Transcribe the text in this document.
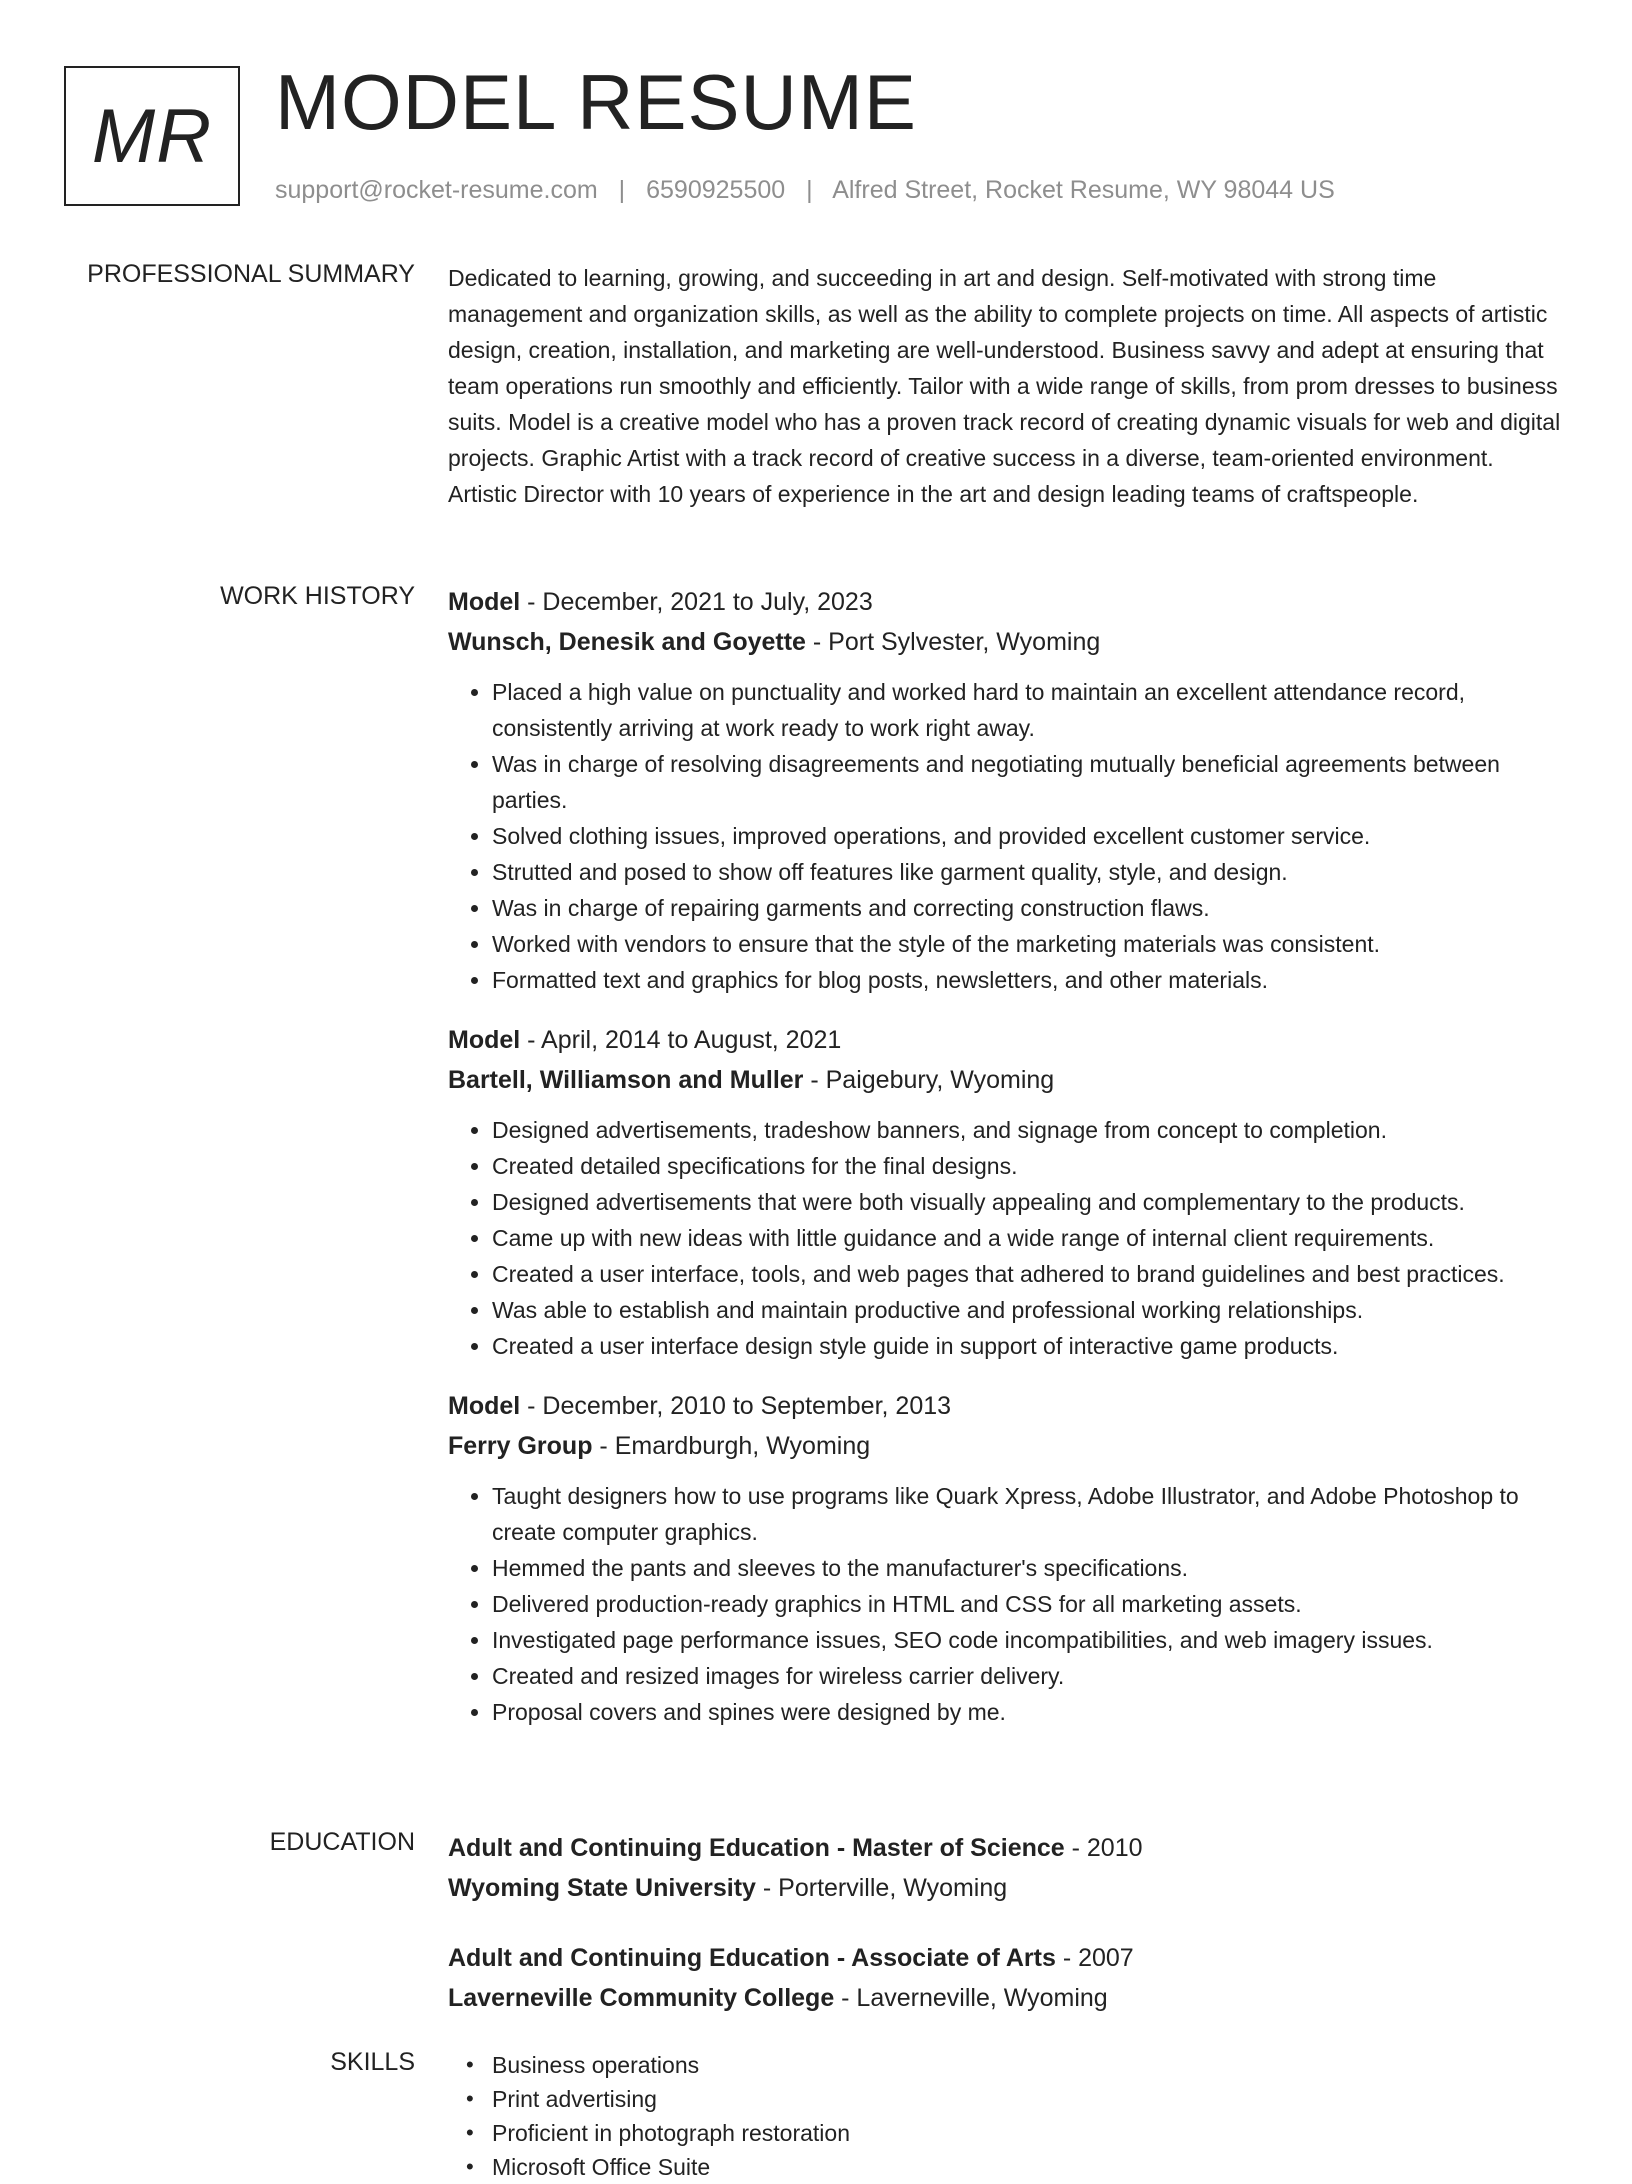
MR MODEL RESUME
support@rocket-resume.com | 6590925500 | Alfred Street, Rocket Resume, WY 98044 US
PROFESSIONAL SUMMARY Dedicated to learning, growing, and succeeding in art and design. Self-motivated with strong time management and organization skills, as well as the ability to complete projects on time. All aspects of artistic design, creation, installation, and marketing are well-understood. Business savvy and adept at ensuring that team operations run smoothly and efficiently. Tailor with a wide range of skills, from prom dresses to business suits. Model is a creative model who has a proven track record of creating dynamic visuals for web and digital projects. Graphic Artist with a track record of creative success in a diverse, team-oriented environment. Artistic Director with 10 years of experience in the art and design leading teams of craftspeople.

WORK HISTORY Model - December, 2021 to July, 2023

Wunsch, Denesik and Goyette - Port Sylvester, Wyoming

• Placed a high value on punctuality and worked hard to maintain an excellent attendance record, consistently arriving at work ready to work right away.
• Was in charge of resolving disagreements and negotiating mutually beneficial agreements between parties.
• Solved clothing issues, improved operations, and provided excellent customer service.
• Strutted and posed to show off features like garment quality, style, and design.
• Was in charge of repairing garments and correcting construction flaws.
• Worked with vendors to ensure that the style of the marketing materials was consistent.
• Formatted text and graphics for blog posts, newsletters, and other materials.

Model - April, 2014 to August, 2021

Bartell, Williamson and Muller - Paigebury, Wyoming

• Designed advertisements, tradeshow banners, and signage from concept to completion.
• Created detailed specifications for the final designs.
• Designed advertisements that were both visually appealing and complementary to the products.
• Came up with new ideas with little guidance and a wide range of internal client requirements.
• Created a user interface, tools, and web pages that adhered to brand guidelines and best practices.
• Was able to establish and maintain productive and professional working relationships.
• Created a user interface design style guide in support of interactive game products.

Model - December, 2010 to September, 2013

Ferry Group - Emardburgh, Wyoming

• Taught designers how to use programs like Quark Xpress, Adobe Illustrator, and Adobe Photoshop to create computer graphics.
• Hemmed the pants and sleeves to the manufacturer's specifications.
• Delivered production-ready graphics in HTML and CSS for all marketing assets.
• Investigated page performance issues, SEO code incompatibilities, and web imagery issues.
• Created and resized images for wireless carrier delivery.
• Proposal covers and spines were designed by me.
EDUCATION Adult and Continuing Education - Master of Science - 2010

Wyoming State University - Porterville, Wyoming

Adult and Continuing Education - Associate of Arts - 2007

Laverneville Community College - Laverneville, Wyoming

SKILLS
•	Business operations
• Print advertising
• Proficient in photograph restoration
• Microsoft Office Suite
